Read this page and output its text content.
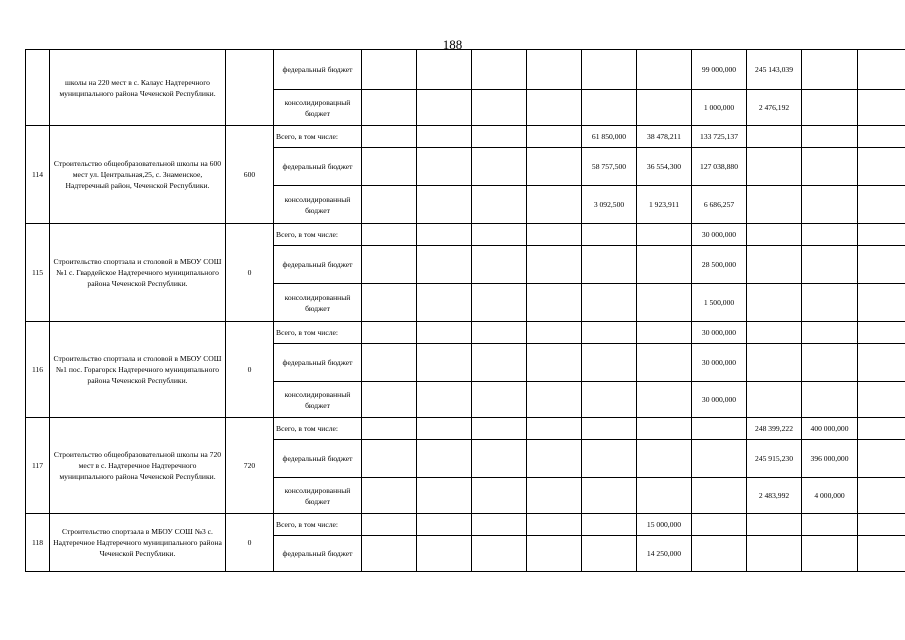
188
	школы на 220 мест в с. Калаус Надтеречного муниципального района Чеченской Республики.		федеральный бюджет							99 000,000	245 143,039		
			консолидировацный бюджет							1 000,000	2 476,192		
114	Строительство общеобразовательной школы на 600 мест ул. Центральная,25, с. Знаменское, Надтеречный район, Чеченской Республики.	600	Всего, в том числе:					61 850,000	38 478,211	133 725,137			
			федеральный бюджет					58 757,500	36 554,300	127 038,880			
			консолидированный бюджет					3 092,500	1 923,911	6 686,257			
115	Строительство спортзала и столовой в МБОУ СОШ №1 с. Гвардейское Надтеречного муниципального района Чеченской Республики.	0	Всего, в том числе:							30 000,000			
			федеральный бюджет							28 500,000			
			консолидированный бюджет							1 500,000			
116	Строительство спортзала и столовой в МБОУ СОШ №1 пос. Горагорск Надтеречного муниципального района Чеченской Республики.	0	Всего, в том числе:							30 000,000			
			федеральный бюджет							30 000,000			
			консолидированный бюджет							30 000,000			
117	Строительство общеобразовательной школы на 720 мест в с. Надтеречное Надтеречного муниципального района Чеченской Республики.	720	Всего, в том числе:								248 399,222	400 000,000	
			федеральный бюджет								245 915,230	396 000,000	
			консолидированный бюджет								2 483,992	4 000,000	
118	Строительство спортзала в МБОУ СОШ №3 с. Надтеречное Надтеречного муниципального района Чеченской Республики.	0	Всего, в том числе:						15 000,000				
			федеральный бюджет						14 250,000				
